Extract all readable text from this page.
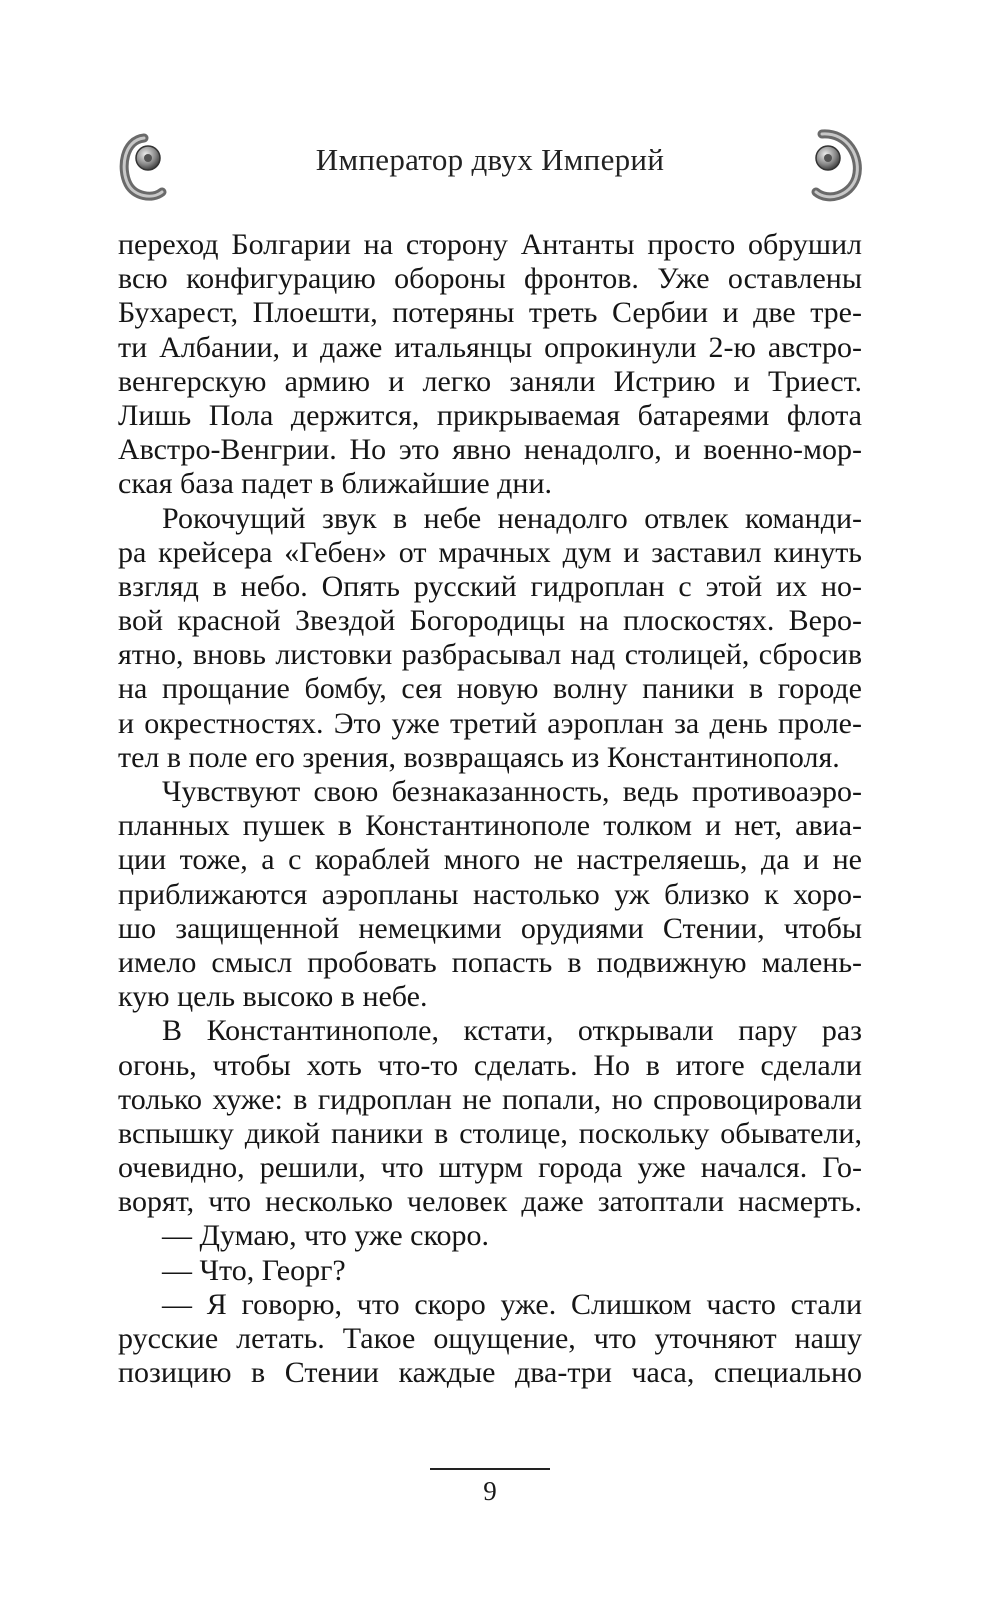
Император двух Империй
переход Болгарии на сторону Антанты просто обрушил
всю конфигурацию обороны фронтов. Уже оставлены
Бухарест, Плоешти, потеряны треть Сербии и две тре-
ти Албании, и даже итальянцы опрокинули 2-ю австро-
венгерскую армию и легко заняли Истрию и Триест.
Лишь Пола держится, прикрываемая батареями флота
Австро-Венгрии. Но это явно ненадолго, и военно-мор-
ская база падет в ближайшие дни.
Рокочущий звук в небе ненадолго отвлек команди-
ра крейсера «Гебен» от мрачных дум и заставил кинуть
взгляд в небо. Опять русский гидроплан с этой их но-
вой красной Звездой Богородицы на плоскостях. Веро-
ятно, вновь листовки разбрасывал над столицей, сбросив
на прощание бомбу, сея новую волну паники в городе
и окрестностях. Это уже третий аэроплан за день проле-
тел в поле его зрения, возвращаясь из Константинополя.
Чувствуют свою безнаказанность, ведь противоаэро-
планных пушек в Константинополе толком и нет, авиа-
ции тоже, а с кораблей много не настреляешь, да и не
приближаются аэропланы настолько уж близко к хоро-
шо защищенной немецкими орудиями Стении, чтобы
имело смысл пробовать попасть в подвижную малень-
кую цель высоко в небе.
В Константинополе, кстати, открывали пару раз
огонь, чтобы хоть что-то сделать. Но в итоге сделали
только хуже: в гидроплан не попали, но спровоцировали
вспышку дикой паники в столице, поскольку обыватели,
очевидно, решили, что штурм города уже начался. Го-
ворят, что несколько человек даже затоптали насмерть.
— Думаю, что уже скоро.
— Что, Георг?
— Я говорю, что скоро уже. Слишком часто стали
русские летать. Такое ощущение, что уточняют нашу
позицию в Стении каждые два-три часа, специально
9
